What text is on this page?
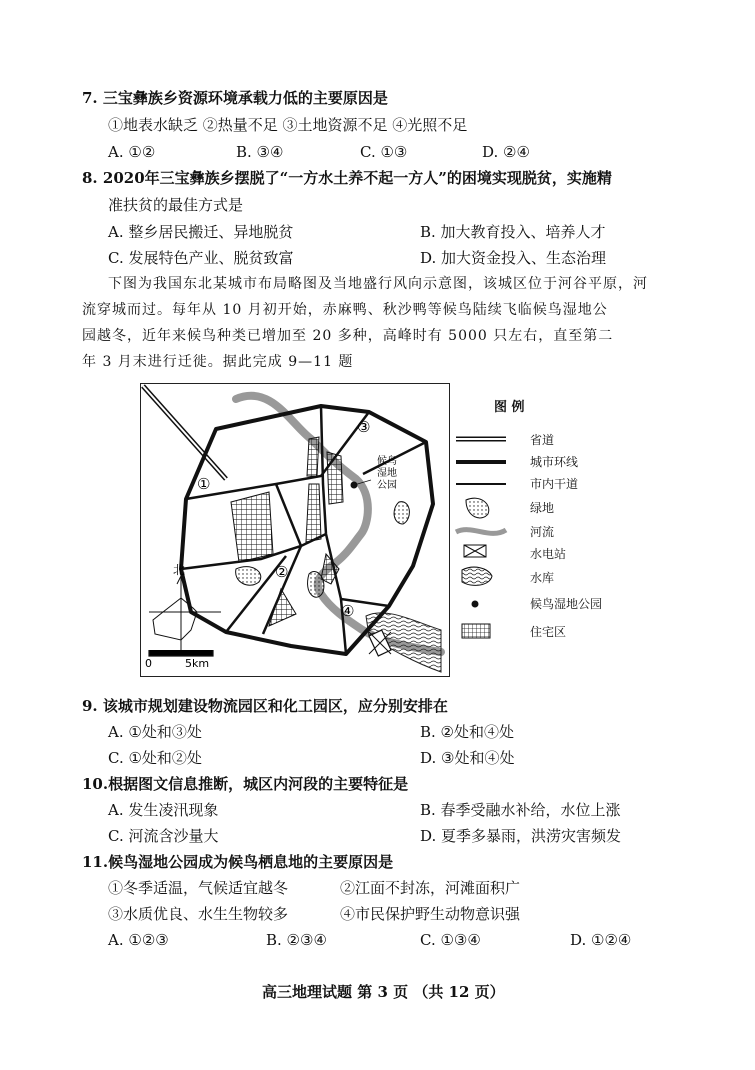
7. 三宝彝族乡资源环境承载力低的主要原因是
①地表水缺乏 ②热量不足 ③土地资源不足 ④光照不足
A. ①②	B. ③④	C. ①③	D. ②④
8. 2020年三宝彝族乡摆脱了“一方水土养不起一方人”的困境实现脱贫，实施精
准扶贫的最佳方式是
A. 整乡居民搬迁、异地脱贫	B. 加大教育投入、培养人才
C. 发展特色产业、脱贫致富	D. 加大资金投入、生态治理
下图为我国东北某城市布局略图及当地盛行风向示意图，该城区位于河谷平原，河
流穿城而过。每年从 10 月初开始，赤麻鸭、秋沙鸭等候鸟陆续飞临候鸟湿地公
园越冬，近年来候鸟种类已增加至 20 多种，高峰时有 5000 只左右，直至第二
年 3 月末进行迁徙。据此完成 9—11 题
①
②
③
④
候鸟
湿地
公园
北
0	5km
图 例
省道
城市环线
市内干道
绿地
河流
水电站
水库
候鸟湿地公园
住宅区
9. 该城市规划建设物流园区和化工园区，应分别安排在
A. ①处和③处	B. ②处和④处
C. ①处和②处	D. ③处和④处
10.根据图文信息推断，城区内河段的主要特征是
A. 发生凌汛现象	B. 春季受融水补给，水位上涨
C. 河流含沙量大	D. 夏季多暴雨，洪涝灾害频发
11.候鸟湿地公园成为候鸟栖息地的主要原因是
①冬季适温，气候适宜越冬	②江面不封冻，河滩面积广
③水质优良、水生生物较多	④市民保护野生动物意识强
A. ①②③	B. ②③④	C. ①③④	D. ①②④
高三地理试题 第 3 页 （共 12 页）
